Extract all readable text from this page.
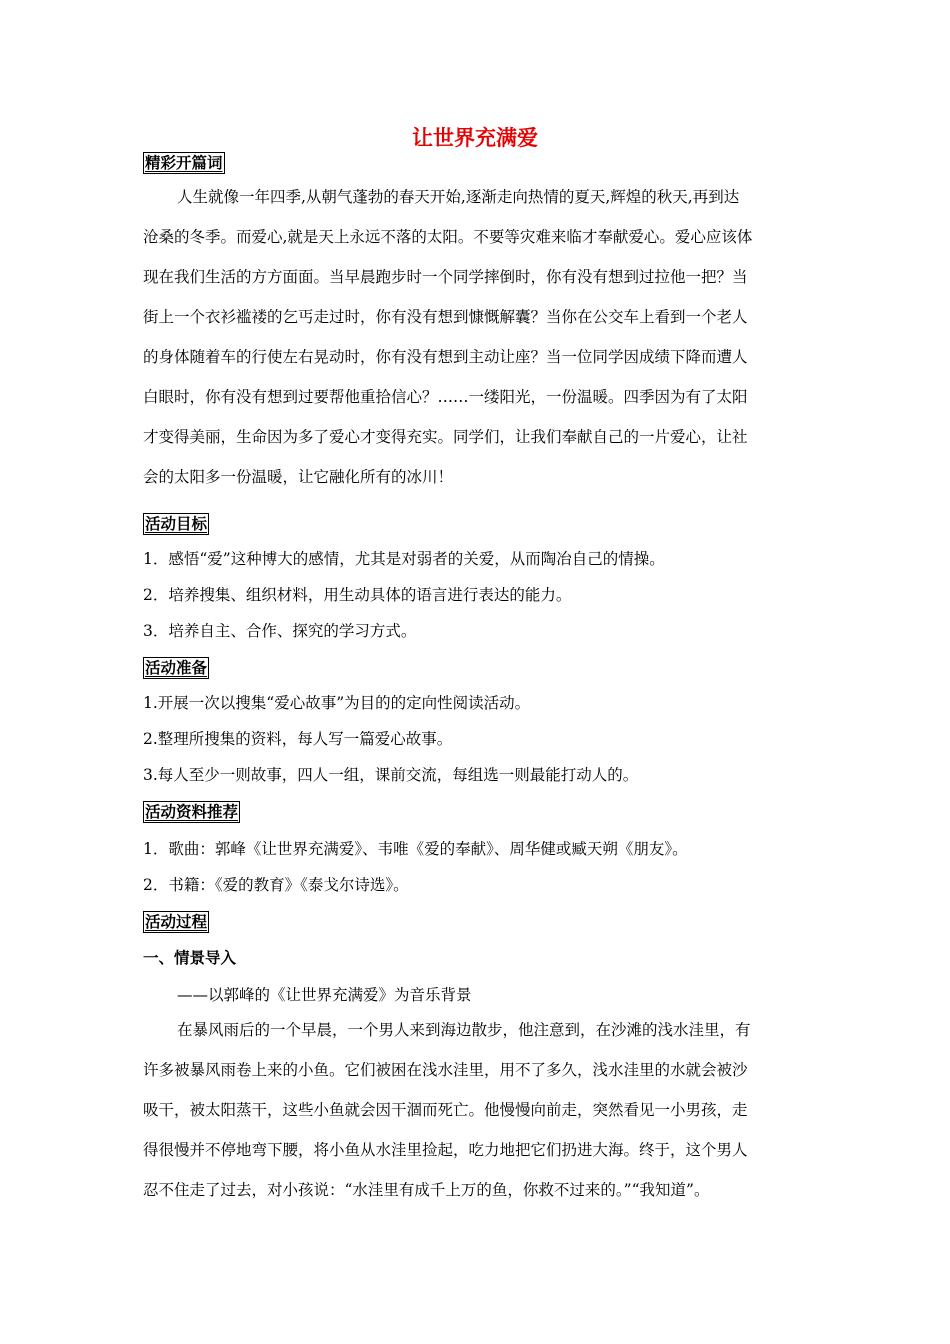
让世界充满爱
精彩开篇词
人生就像一年四季,从朝气蓬勃的春天开始,逐渐走向热情的夏天,辉煌的秋天,再到达
沧桑的冬季。而爱心,就是天上永远不落的太阳。不要等灾难来临才奉献爱心。爱心应该体
现在我们生活的方方面面。当早晨跑步时一个同学摔倒时，你有没有想到过拉他一把？当
街上一个衣衫褴褛的乞丐走过时，你有没有想到慷慨解囊？当你在公交车上看到一个老人
的身体随着车的行使左右晃动时，你有没有想到主动让座？当一位同学因成绩下降而遭人
白眼时，你有没有想到过要帮他重拾信心？……一缕阳光，一份温暖。四季因为有了太阳
才变得美丽，生命因为多了爱心才变得充实。同学们，让我们奉献自己的一片爱心，让社
会的太阳多一份温暖，让它融化所有的冰川！
活动目标
1．感悟“爱”这种博大的感情，尤其是对弱者的关爱，从而陶冶自己的情操。
2．培养搜集、组织材料，用生动具体的语言进行表达的能力。
3．培养自主、合作、探究的学习方式。
活动准备
1.开展一次以搜集“爱心故事”为目的的定向性阅读活动。
2.整理所搜集的资料，每人写一篇爱心故事。
3.每人至少一则故事，四人一组，课前交流，每组选一则最能打动人的。
活动资料推荐
1．歌曲：郭峰《让世界充满爱》、韦唯《爱的奉献》、周华健或臧天朔《朋友》。
2．书籍：《爱的教育》《泰戈尔诗选》。
活动过程
一、情景导入
——以郭峰的《让世界充满爱》为音乐背景
在暴风雨后的一个早晨，一个男人来到海边散步，他注意到，在沙滩的浅水洼里，有
许多被暴风雨卷上来的小鱼。它们被困在浅水洼里，用不了多久，浅水洼里的水就会被沙
吸干，被太阳蒸干，这些小鱼就会因干涸而死亡。他慢慢向前走，突然看见一小男孩，走
得很慢并不停地弯下腰，将小鱼从水洼里捡起，吃力地把它们扔进大海。终于，这个男人
忍不住走了过去，对小孩说：“水洼里有成千上万的鱼，你救不过来的。”“我知道”。
